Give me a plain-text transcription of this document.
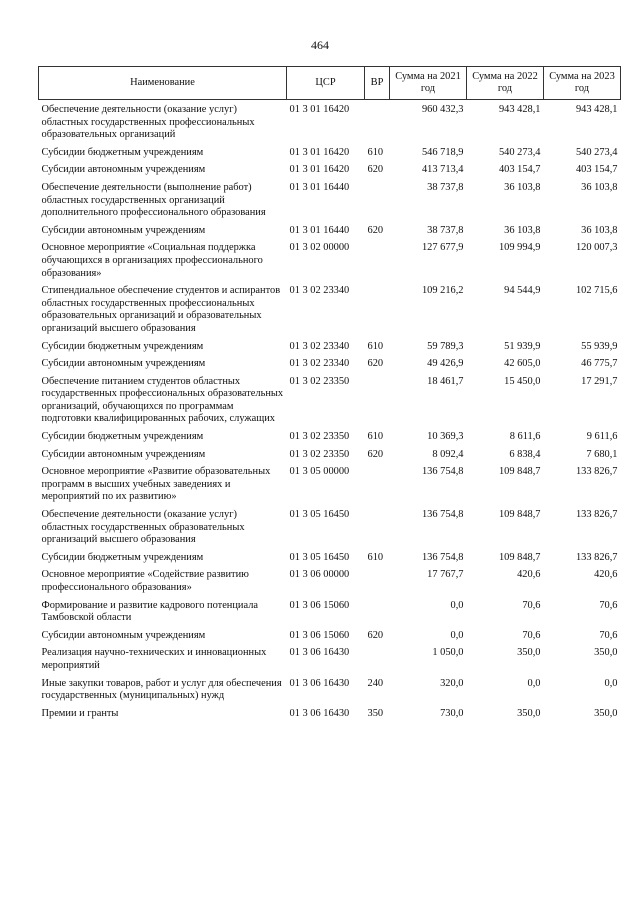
464
Наименование	ЦСР	ВР	Сумма на 2021 год	Сумма на 2022 год	Сумма на 2023 год
Обеспечение деятельности (оказание услуг) областных государственных профессиональных образовательных организаций	01 3 01 16420		960 432,3	943 428,1	943 428,1
Субсидии бюджетным учреждениям	01 3 01 16420	610	546 718,9	540 273,4	540 273,4
Субсидии автономным учреждениям	01 3 01 16420	620	413 713,4	403 154,7	403 154,7
Обеспечение деятельности (выполнение работ) областных государственных организаций дополнительного профессионального образования	01 3 01 16440		38 737,8	36 103,8	36 103,8
Субсидии автономным учреждениям	01 3 01 16440	620	38 737,8	36 103,8	36 103,8
Основное мероприятие «Социальная поддержка обучающихся в организациях профессионального образования»	01 3 02 00000		127 677,9	109 994,9	120 007,3
Стипендиальное обеспечение студентов и аспирантов областных государственных профессиональных образовательных организаций и образовательных организаций высшего образования	01 3 02 23340		109 216,2	94 544,9	102 715,6
Субсидии бюджетным учреждениям	01 3 02 23340	610	59 789,3	51 939,9	55 939,9
Субсидии автономным учреждениям	01 3 02 23340	620	49 426,9	42 605,0	46 775,7
Обеспечение питанием студентов областных государственных профессиональных образовательных организаций, обучающихся по программам подготовки квалифицированных рабочих, служащих	01 3 02 23350		18 461,7	15 450,0	17 291,7
Субсидии бюджетным учреждениям	01 3 02 23350	610	10 369,3	8 611,6	9 611,6
Субсидии автономным учреждениям	01 3 02 23350	620	8 092,4	6 838,4	7 680,1
Основное мероприятие «Развитие образовательных программ в высших учебных заведениях и мероприятий по их развитию»	01 3 05 00000		136 754,8	109 848,7	133 826,7
Обеспечение деятельности (оказание услуг) областных государственных образовательных организаций высшего образования	01 3 05 16450		136 754,8	109 848,7	133 826,7
Субсидии бюджетным учреждениям	01 3 05 16450	610	136 754,8	109 848,7	133 826,7
Основное мероприятие «Содействие развитию профессионального образования»	01 3 06 00000		17 767,7	420,6	420,6
Формирование и развитие кадрового потенциала Тамбовской области	01 3 06 15060		0,0	70,6	70,6
Субсидии автономным учреждениям	01 3 06 15060	620	0,0	70,6	70,6
Реализация научно-технических и инновационных мероприятий	01 3 06 16430		1 050,0	350,0	350,0
Иные закупки товаров, работ и услуг для обеспечения государственных (муниципальных) нужд	01 3 06 16430	240	320,0	0,0	0,0
Премии и гранты	01 3 06 16430	350	730,0	350,0	350,0
